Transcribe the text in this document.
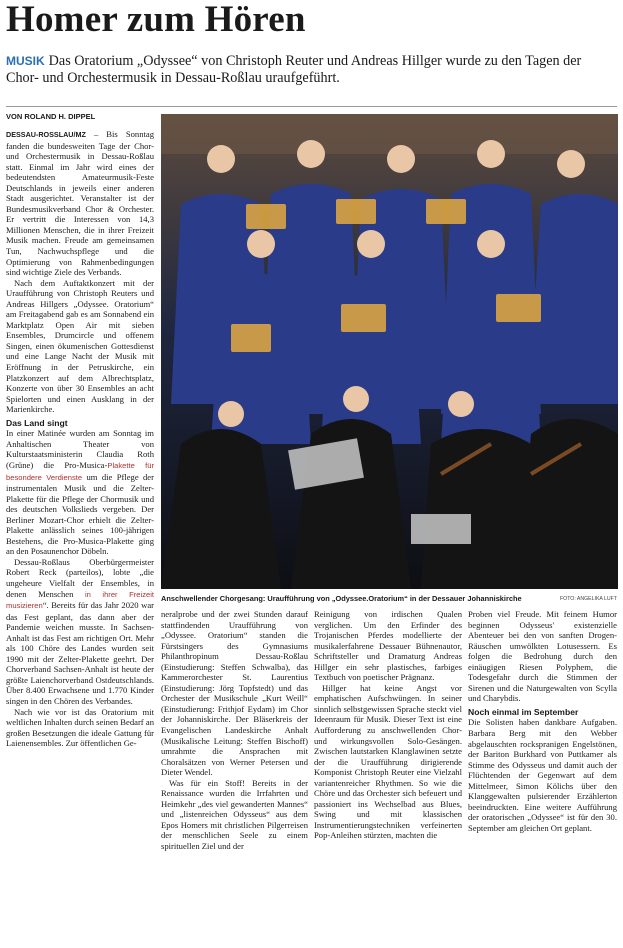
Homer zum Hören
MUSIK Das Oratorium „Odyssee“ von Christoph Reuter und Andreas Hillger wurde zu den Tagen der Chor- und Orchestermusik in Dessau-Roßlau uraufgeführt.
VON ROLAND H. DIPPEL

DESSAU-ROSSLAU/MZ – Bis Sonntag fanden die bundesweiten Tage der Chor- und Orchestermusik in Dessau-Roßlau statt. Einmal im Jahr wird eines der bedeutendsten Amateurmusik-Feste Deutschlands in jeweils einer anderen Stadt ausgerichtet. Veranstalter ist der Bundesmusikverband Chor & Orchester. Er vertritt die Interessen von 14,3 Millionen Menschen, die in ihrer Freizeit Musik machen. Freude am gemeinsamen Tun, Nachwuchspflege und die Optimierung von Rahmenbedingungen sind wichtige Ziele des Verbands.

Nach dem Auftaktkonzert mit der Uraufführung von Christoph Reuters und Andreas Hillgers „Odyssee. Oratorium“ am Freitagabend gab es am Sonnabend ein Marktplatz Open Air mit sieben Ensembles, Drumcircle und offenem Singen, einen ökumenischen Gottesdienst und eine Lange Nacht der Musik mit Eröffnung in der Petruskirche, ein Platzkonzert auf dem Albrechtsplatz, Konzerte von über 30 Ensembles an acht Spielorten und einen Ausklang in der Marienkirche.

Das Land singt

In einer Matinée wurden am Sonntag im Anhaltischen Theater von Kulturstaatsministerin Claudia Roth (Grüne) die Pro-Musica-Plakette für besondere Verdienste um die Pflege der instrumentalen Musik und die Zelter-Plakette für die Pflege der Chormusik und des deutschen Volkslieds vergeben. Der Berliner Mozart-Chor erhielt die Zelter-Plakette anlässlich seines 100-jährigen Bestehens, die Pro-Musica-Plakette ging an den Posaunenchor Döbeln.

Dessau-Roßlaus Oberbürgermeister Robert Reck (parteilos), lobte „die ungeheure Vielfalt der Ensembles, in denen Menschen in ihrer Freizeit musizieren“. Bereits für das Jahr 2020 war das Fest geplant, das dann aber der Pandemie weichen musste. In Sachsen-Anhalt ist das Fest am richtigen Ort. Mehr als 100 Chöre des Landes wurden seit 1990 mit der Zelter-Plakette geehrt. Der Chorverband Sachsen-Anhalt ist heute der größte Laienchorverband Ostdeutschlands. Über 8.400 Erwachsene und 1.770 Kinder singen in den Chören des Verbandes.

Nach wie vor ist das Oratorium mit weltlichen Inhalten durch seinen Bedarf an großen Besetzungen die ideale Gattung für Laienensembles. Zur öffentlichen Ge-

Anschwellender Chorgesang: Uraufführung von „Odyssee.Oratorium“ in der Dessauer Johanniskirche	FOTO: ANGELIKA LUFT

neralprobe und der zwei Stunden darauf stattfindenden Uraufführung von „Odyssee. Oratorium“ standen die Fürstsingers des Gymnasiums Philanthropinum Dessau-Roßlau (Einstudierung: Steffen Schwalba), das Kammerorchester St. Laurentius (Einstudierung: Jörg Topfstedt) und das Orchester der Musikschule „Kurt Weill“ (Einstudierung: Frithjof Eydam) im Chor der Johanniskirche. Der Bläserkreis der Evangelischen Landeskirche Anhalt (Musikalische Leitung: Steffen Bischoff) umrahmte die Ansprachen mit Choralsätzen von Werner Petersen und Dieter Wendel.

Was für ein Stoff! Bereits in der Renaissance wurden die Irrfahrten und Heimkehr „des viel gewanderten Mannes“ und „listenreichen Odysseus“ aus dem Epos Homers mit christlichen Pilgerreisen der menschlichen Seele zu einem spirituellen Ziel und der

Reinigung von irdischen Qualen verglichen. Um den Erfinder des Trojanischen Pferdes modellierte der musikalerfahrene Dessauer Bühnenautor, Schriftsteller und Dramaturg Andreas Hillger ein sehr plastisches, farbiges Textbuch von poetischer Prägnanz.

Hillger hat keine Angst vor emphatischen Aufschwüngen. In seiner sinnlich selbstgewissen Sprache steckt viel Ideenraum für Musik. Dieser Text ist eine Aufforderung zu anschwellenden Chor- und wirkungsvollen Solo-Gesängen. Zwischen lautstarken Klanglawinen setzte der die Uraufführung dirigierende Komponist Christoph Reuter eine Vielzahl variantenreicher Rhythmen. So wie die Chöre und das Orchester sich befeuert und passioniert ins Wechselbad aus Blues, Swing und mit klassischen Instrumentierungstechniken verfeinerten Pop-Anleihen stürzten, machten die

Proben viel Freude. Mit feinem Humor beginnen Odysseus' existenzielle Abenteuer bei den von sanften Drogen-Räuschen umwölkten Lotusessern. Es folgen die Bedrohung durch den einäugigen Riesen Polyphem, die Todesgefahr durch die Stimmen der Sirenen und die Naturgewalten von Scylla und Charybdis.

Noch einmal im September

Die Solisten haben dankbare Aufgaben. Barbara Berg mit den Webber abgelauschten rockspranigen Engelstönen, der Bariton Burkhard von Puttkamer als Stimme des Odysseus und damit auch der Flüchtenden der Gegenwart auf dem Mittelmeer, Simon Kölichs über den Klanggewalten pulsierender Erzählerton beeindruckten. Eine weitere Aufführung der oratorischen „Odyssee“ ist für den 30. September am gleichen Ort geplant.
